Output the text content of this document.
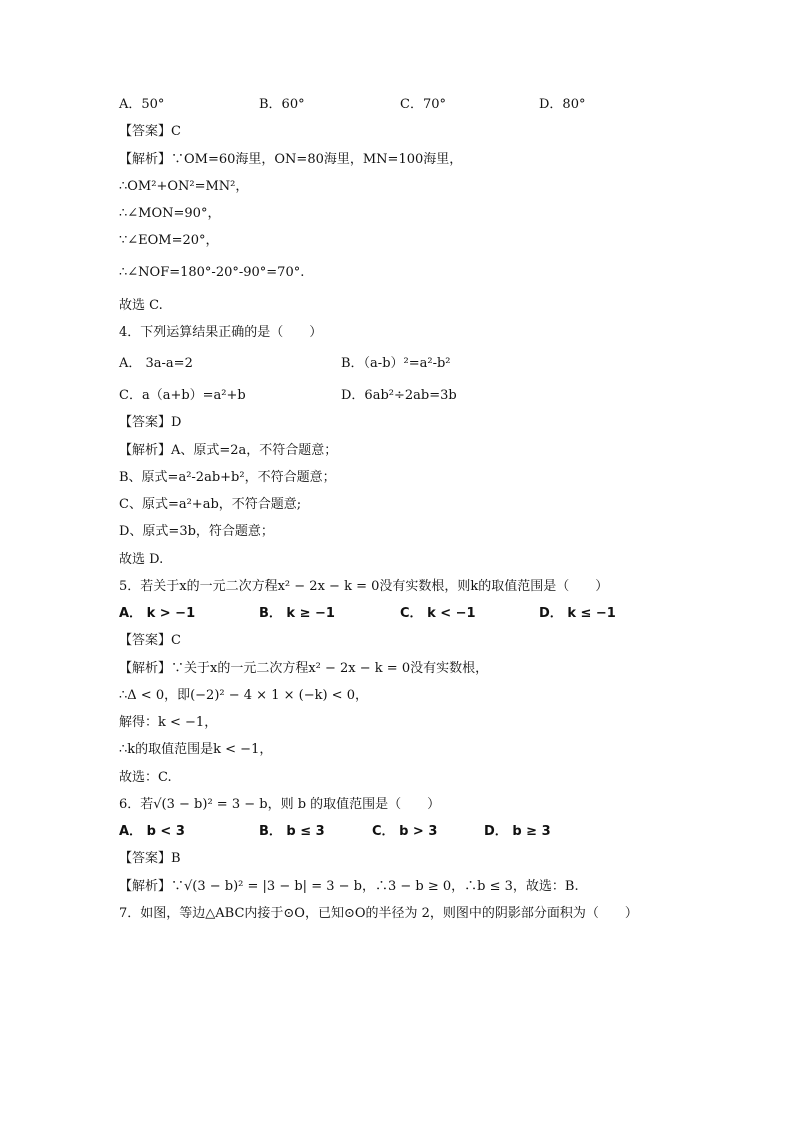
A．50°	B．60°	C．70°	D．80°
【答案】C
【解析】∵OM=60海里，ON=80海里，MN=100海里，
∴OM²+ON²=MN²，
∴∠MON=90°，
∵∠EOM=20°，
∴∠NOF=180°-20°-90°=70°.
故选 C.
4．下列运算结果正确的是（　　）
A． 3a-a=2	B．（a-b）²=a²-b²
C．a（a+b）=a²+b	D．6ab²÷2ab=3b
【答案】D
【解析】A、原式=2a，不符合题意；
B、原式=a²-2ab+b²，不符合题意；
C、原式=a²+ab，不符合题意;
D、原式=3b，符合题意；
故选 D.
5．若关于x的一元二次方程x² − 2x − k = 0没有实数根，则k的取值范围是（　　）
A． k > −1	B． k ≥ −1	C． k < −1	D． k ≤ −1
【答案】C
【解析】∵关于x的一元二次方程x² − 2x − k = 0没有实数根，
∴Δ < 0，即(−2)² − 4 × 1 × (−k) < 0，
解得：k < −1，
∴k的取值范围是k < −1，
故选：C.
6．若√(3 − b)² = 3 − b，则 b 的取值范围是（　　）
A． b < 3	B． b ≤ 3	C． b > 3	D． b ≥ 3
【答案】B
【解析】∵√(3 − b)² = |3 − b| = 3 − b，∴3 − b ≥ 0，∴b ≤ 3，故选：B.
7．如图，等边△ABC内接于⊙O，已知⊙O的半径为 2，则图中的阴影部分面积为（　　）
